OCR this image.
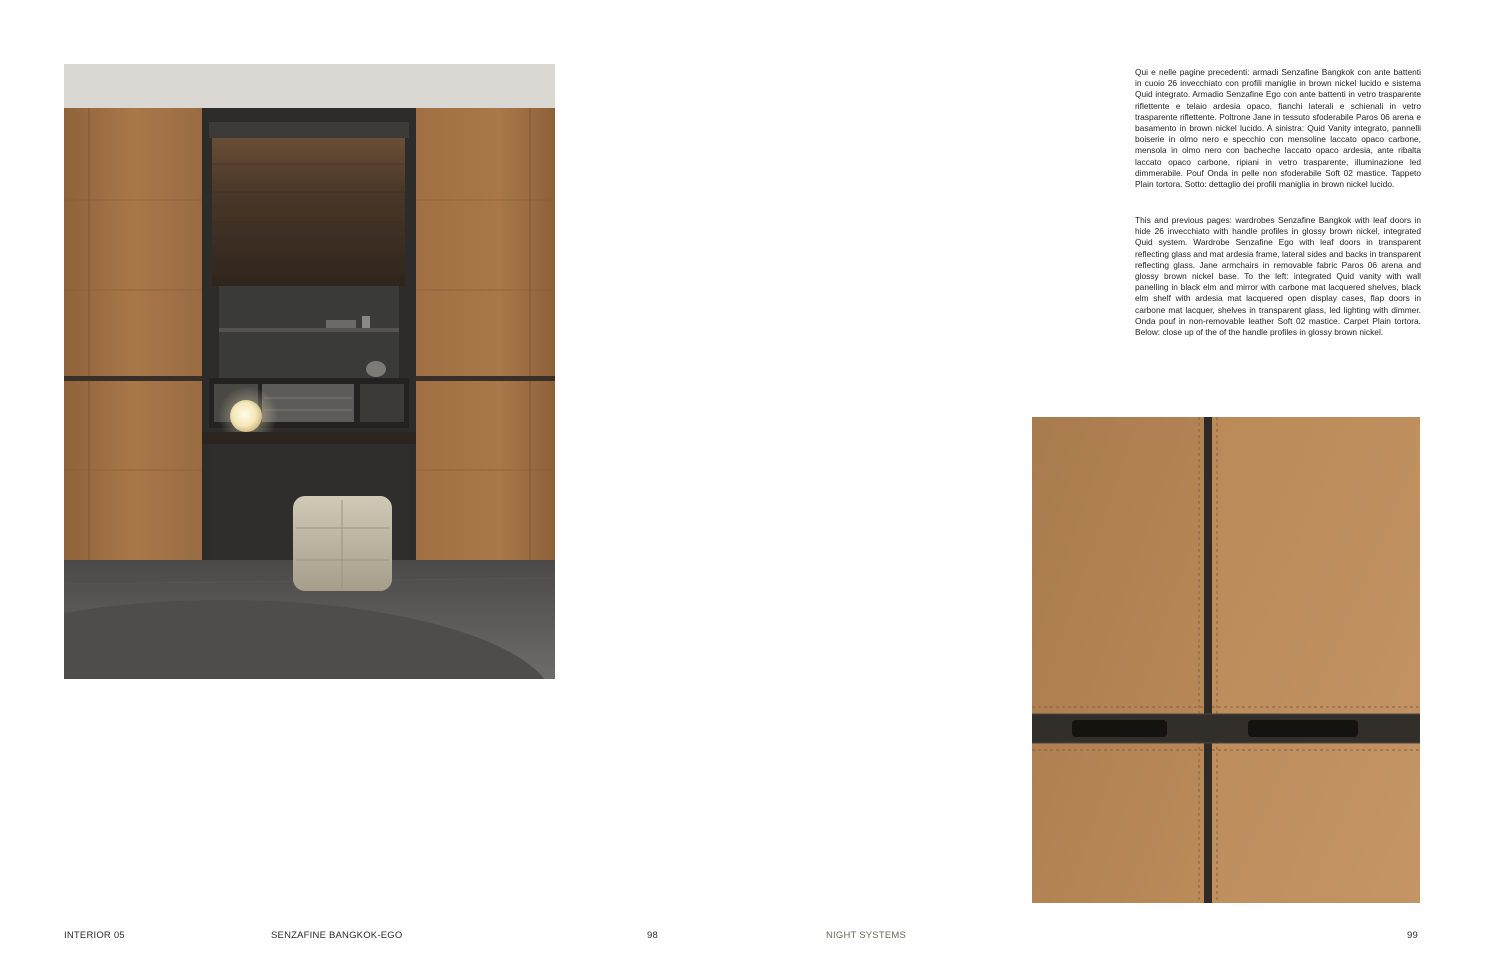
Qui e nelle pagine precedenti: armadi Senzafine Bangkok con ante battenti in cuoio 26 invecchiato con profili maniglie in brown nickel lucido e sistema Quid integrato. Armadio Senzafine Ego con ante battenti in vetro trasparente riflettente e telaio ardesia opaco, fianchi laterali e schienali in vetro trasparente riflettente. Poltrone Jane in tessuto sfoderabile Paros 06 arena e basamento in brown nickel lucido. A sinistra: Quid Vanity integrato, pannelli boiserie in olmo nero e specchio con mensoline laccato opaco carbone, mensola in olmo nero con bacheche laccato opaco ardesia, ante ribalta laccato opaco carbone, ripiani in vetro trasparente, illuminazione led dimmerabile. Pouf Onda in pelle non sfoderabile Soft 02 mastice. Tappeto Plain tortora. Sotto: dettaglio dei profili maniglia in brown nickel lucido.

This and previous pages: wardrobes Senzafine Bangkok with leaf doors in hide 26 invecchiato with handle profiles in glossy brown nickel, integrated Quid system. Wardrobe Senzafine Ego with leaf doors in transparent reflecting glass and mat ardesia frame, lateral sides and backs in transparent reflecting glass. Jane armchairs in removable fabric Paros 06 arena and glossy brown nickel base. To the left: integrated Quid vanity with wall panelling in black elm and mirror with carbone mat lacquered shelves, black elm shelf with ardesia mat lacquered open display cases, flap doors in carbone mat lacquer, shelves in transparent glass, led lighting with dimmer. Onda pouf in non-removable leather Soft 02 mastice. Carpet Plain tortora. Below: close up of the of the handle profiles in glossy brown nickel.

INTERIOR 05	SENZAFINE BANGKOK-EGO	98	NIGHT SYSTEMS	99
